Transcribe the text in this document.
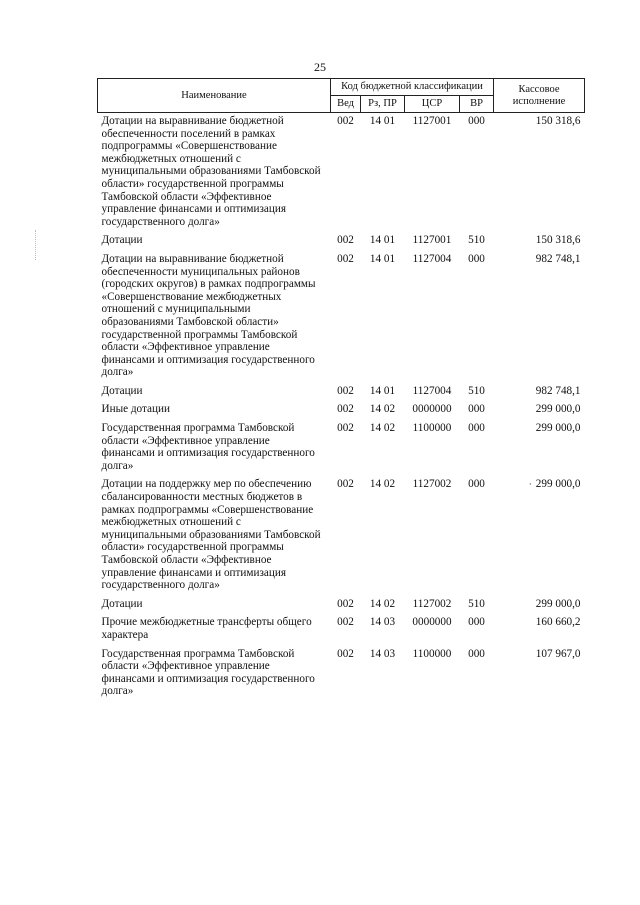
25
Наименование	Код бюджетной классификации				Кассовое исполнение
	Вед	Рз, ПР	ЦСР	ВР	
Дотации на выравнивание бюджетной обеспеченности поселений в рамках подпрограммы «Совершенствование межбюджетных отношений с муниципальными образованиями Тамбовской области» государственной программы Тамбовской области «Эффективное управление финансами и оптимизация государственного долга»	002	14 01	1127001	000	150 318,6
Дотации	002	14 01	1127001	510	150 318,6
Дотации на выравнивание бюджетной обеспеченности муниципальных районов (городских округов) в рамках подпрограммы «Совершенствование межбюджетных отношений с муниципальными образованиями Тамбовской области» государственной программы Тамбовской области «Эффективное управление финансами и оптимизация государственного долга»	002	14 01	1127004	000	982 748,1
Дотации	002	14 01	1127004	510	982 748,1
Иные дотации	002	14 02	0000000	000	299 000,0
Государственная программа Тамбовской области «Эффективное управление финансами и оптимизация государственного долга»	002	14 02	1100000	000	299 000,0
Дотации на поддержку мер по обеспечению сбалансированности местных бюджетов в рамках подпрограммы «Совершенствование межбюджетных отношений с муниципальными образованиями Тамбовской области» государственной программы Тамбовской области «Эффективное управление финансами и оптимизация государственного долга»	002	14 02	1127002	000	· 299 000,0
Дотации	002	14 02	1127002	510	299 000,0
Прочие межбюджетные трансферты общего характера	002	14 03	0000000	000	160 660,2
Государственная программа Тамбовской области «Эффективное управление финансами и оптимизация государственного долга»	002	14 03	1100000	000	107 967,0
